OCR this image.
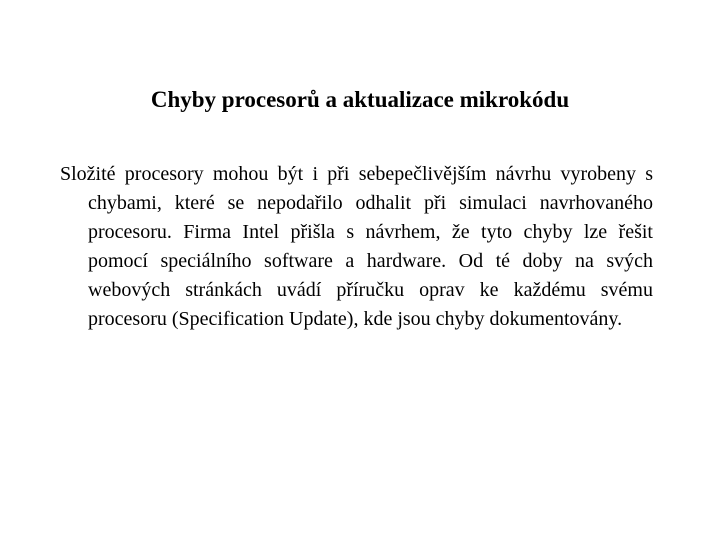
Chyby procesorů a aktualizace mikrokódu

Složité procesory mohou být i při sebepečlivějším návrhu vyrobeny s chybami, které se nepodařilo odhalit při simulaci navrhovaného procesoru. Firma Intel přišla s návrhem, že tyto chyby lze řešit pomocí speciálního software a hardware. Od té doby na svých webových stránkách uvádí příručku oprav ke každému svému procesoru (Specification Update), kde jsou chyby dokumentovány.
